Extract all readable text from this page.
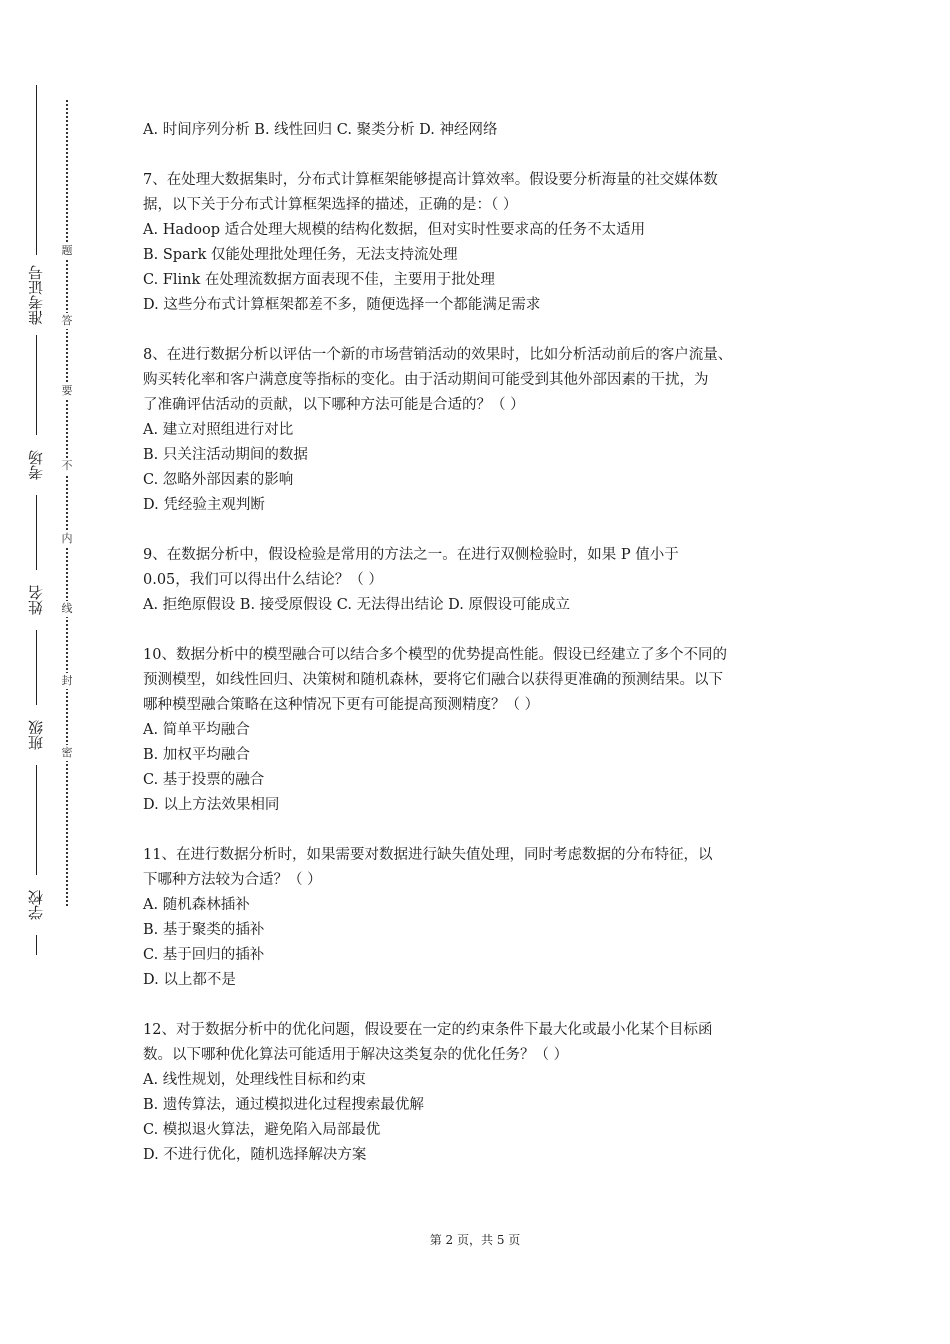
学校
班级
姓名
考场
准考证号
题
答
要
不
内
线
封
密
A. 时间序列分析 B. 线性回归 C. 聚类分析 D. 神经网络
7、在处理大数据集时，分布式计算框架能够提高计算效率。假设要分析海量的社交媒体数
据，以下关于分布式计算框架选择的描述，正确的是：（ ）
A. Hadoop 适合处理大规模的结构化数据，但对实时性要求高的任务不太适用
B. Spark 仅能处理批处理任务，无法支持流处理
C. Flink 在处理流数据方面表现不佳，主要用于批处理
D. 这些分布式计算框架都差不多，随便选择一个都能满足需求
8、在进行数据分析以评估一个新的市场营销活动的效果时，比如分析活动前后的客户流量、
购买转化率和客户满意度等指标的变化。由于活动期间可能受到其他外部因素的干扰，为
了准确评估活动的贡献，以下哪种方法可能是合适的？（ ）
A. 建立对照组进行对比
B. 只关注活动期间的数据
C. 忽略外部因素的影响
D. 凭经验主观判断
9、在数据分析中，假设检验是常用的方法之一。在进行双侧检验时，如果 P 值小于
0.05，我们可以得出什么结论？（ ）
A. 拒绝原假设 B. 接受原假设 C. 无法得出结论 D. 原假设可能成立
10、数据分析中的模型融合可以结合多个模型的优势提高性能。假设已经建立了多个不同的
预测模型，如线性回归、决策树和随机森林，要将它们融合以获得更准确的预测结果。以下
哪种模型融合策略在这种情况下更有可能提高预测精度？（ ）
A. 简单平均融合
B. 加权平均融合
C. 基于投票的融合
D. 以上方法效果相同
11、在进行数据分析时，如果需要对数据进行缺失值处理，同时考虑数据的分布特征，以
下哪种方法较为合适？（ ）
A. 随机森林插补
B. 基于聚类的插补
C. 基于回归的插补
D. 以上都不是
12、对于数据分析中的优化问题，假设要在一定的约束条件下最大化或最小化某个目标函
数。以下哪种优化算法可能适用于解决这类复杂的优化任务？（ ）
A. 线性规划，处理线性目标和约束
B. 遗传算法，通过模拟进化过程搜索最优解
C. 模拟退火算法，避免陷入局部最优
D. 不进行优化，随机选择解决方案
第 2 页，共 5 页
